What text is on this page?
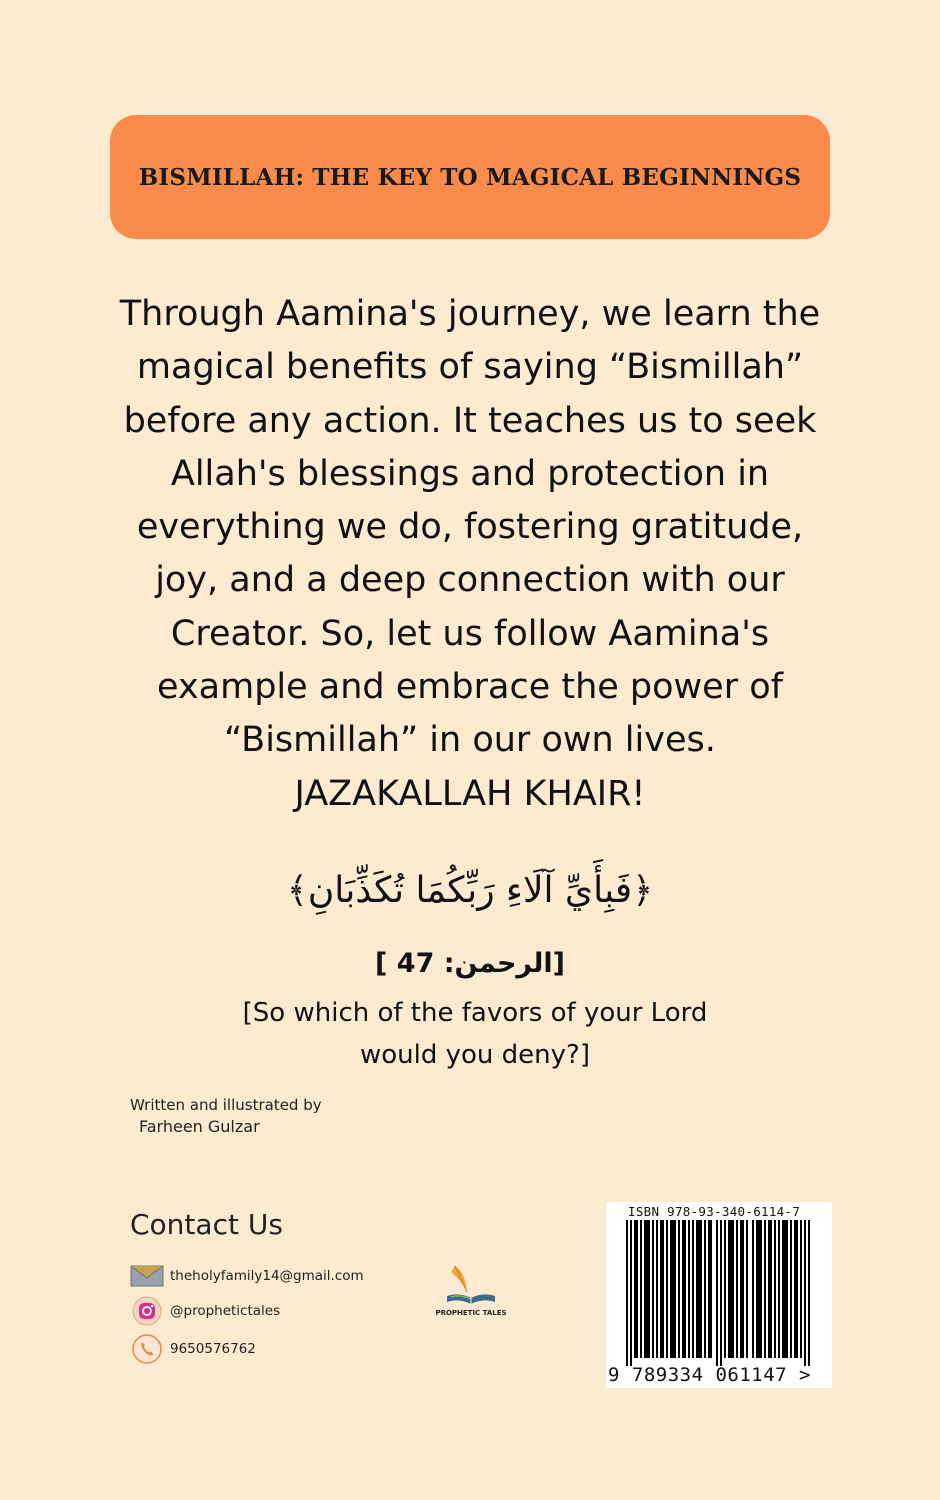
BISMILLAH: THE KEY TO MAGICAL BEGINNINGS
Through Aamina's journey, we learn the
magical benefits of saying “Bismillah”
before any action. It teaches us to seek
Allah's blessings and protection in
everything we do, fostering gratitude,
joy, and a deep connection with our
Creator. So, let us follow Aamina's
example and embrace the power of
“Bismillah” in our own lives.
JAZAKALLAH KHAIR!
﴿فَبِأَيِّ آلَاءِ رَبِّكُمَا تُكَذِّبَانِ﴾
[الرحمن: 47 ]
[So which of the favors of your Lord
would you deny?]
Written and illustrated by
Farheen Gulzar
Contact Us
theholyfamily14@gmail.com
@prophetictales
9650576762
PROPHETIC TALES
ISBN 978-93-340-6114-7
9 789334 061147 >
